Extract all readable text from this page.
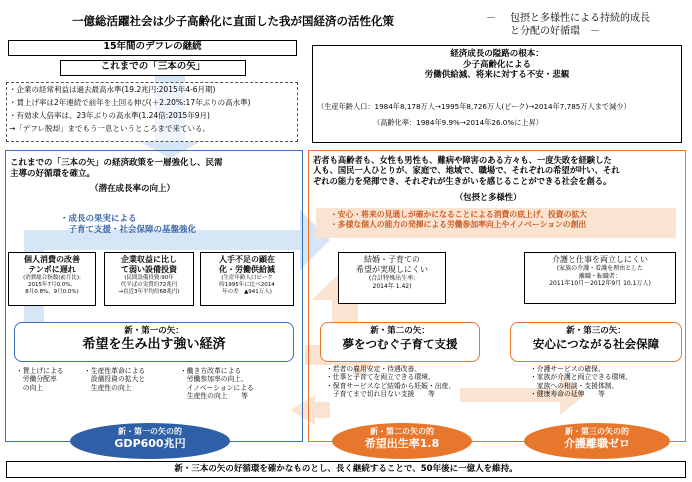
一億総活躍社会は少子高齢化に直面した我が国経済の活性化策	－ 包摂と多様性による持続的成長
と分配の好循環　－
15年間のデフレの継続
これまでの「三本の矢」
・企業の経常利益は過去最高水準(19.2兆円:2015年4-6月期)
・賃上げ率は2年連続で前年を上回る伸び(＋2.20%:17年ぶりの高水準)
・有効求人倍率は、23年ぶりの高水準(1.24倍:2015年9月)
→「デフレ脱却」までもう一息というところまで来ている。
これまでの「三本の矢」の経済政策を一層強化し、民需
主導の好循環を確立。
（潜在成長率の向上）
・成長の果実による
　子育て支援・社会保障の基盤強化
個人消費の改善
テンポに遅れ
(消費総合指数(前月比):
2015年7月0.0%、
8月0.8%、9月0.0%)
企業収益に比し
て弱い設備投資
(民間設備投資:90年
代半ばの実質約72兆円
→直近3年平均約68兆円)
人手不足の顕在
化・労働供給減
(生産年齢人口ピーク
時1995年に比べ2014
年の差　▲941万人)
新・第一の矢：
希望を生み出す強い経済
・賃上げによる
　労働分配率
　の向上
・生産性革命による
　設備投資の拡大と
　生産性の向上
・働き方改革による
　労働参加率の向上、
　イノベーションによる
　生産性の向上　　等
新・第一の矢の的
GDP600兆円
経済成長の隘路の根本：
少子高齢化による
労働供給減、将来に対する不安・悲観
（生産年齢人口：1984年8,178万人→1995年8,726万人(ピーク)→2014年7,785万人まで減少）
（高齢化率：1984年9.9%→2014年26.0%に上昇）
若者も高齢者も、女性も男性も、難病や障害のある方々も、一度失敗を経験した
人も、国民一人ひとりが、家庭で、地域で、職場で、それぞれの希望が叶い、それ
ぞれの能力を発揮でき、それぞれが生きがいを感じることができる社会を創る。
（包摂と多様性）
・安心・将来の見通しが確かになることによる消費の底上げ、投資の拡大
・多様な個人の能力の発揮による労働参加率向上やイノベーションの創出
結婚・子育ての
希望が実現しにくい
(合計特殊出生率:
2014年 1.42)
介護と仕事を両立しにくい
(家族の介護・看護を理由とした
離職・転職者：
2011年10月～2012年9月 10.1万人)
新・第二の矢：
夢をつむぐ子育て支援
・若者の雇用安定・待遇改善、
・仕事と子育てを両立できる環境、
・保育サービスなど結婚から妊娠・出産、
　子育てまで切れ目ない支援　　等
新・第三の矢：
安心につながる社会保障
・介護サービスの確保、
・家族が介護と両立できる環境、
　家族への相談・支援体制、
・健康寿命の延伸　　等
新・第二の矢の的
希望出生率1.8
新・第三の矢の的
介護離職ゼロ
新・三本の矢の好循環を確かなものとし、長く継続することで、50年後に一億人を維持。
